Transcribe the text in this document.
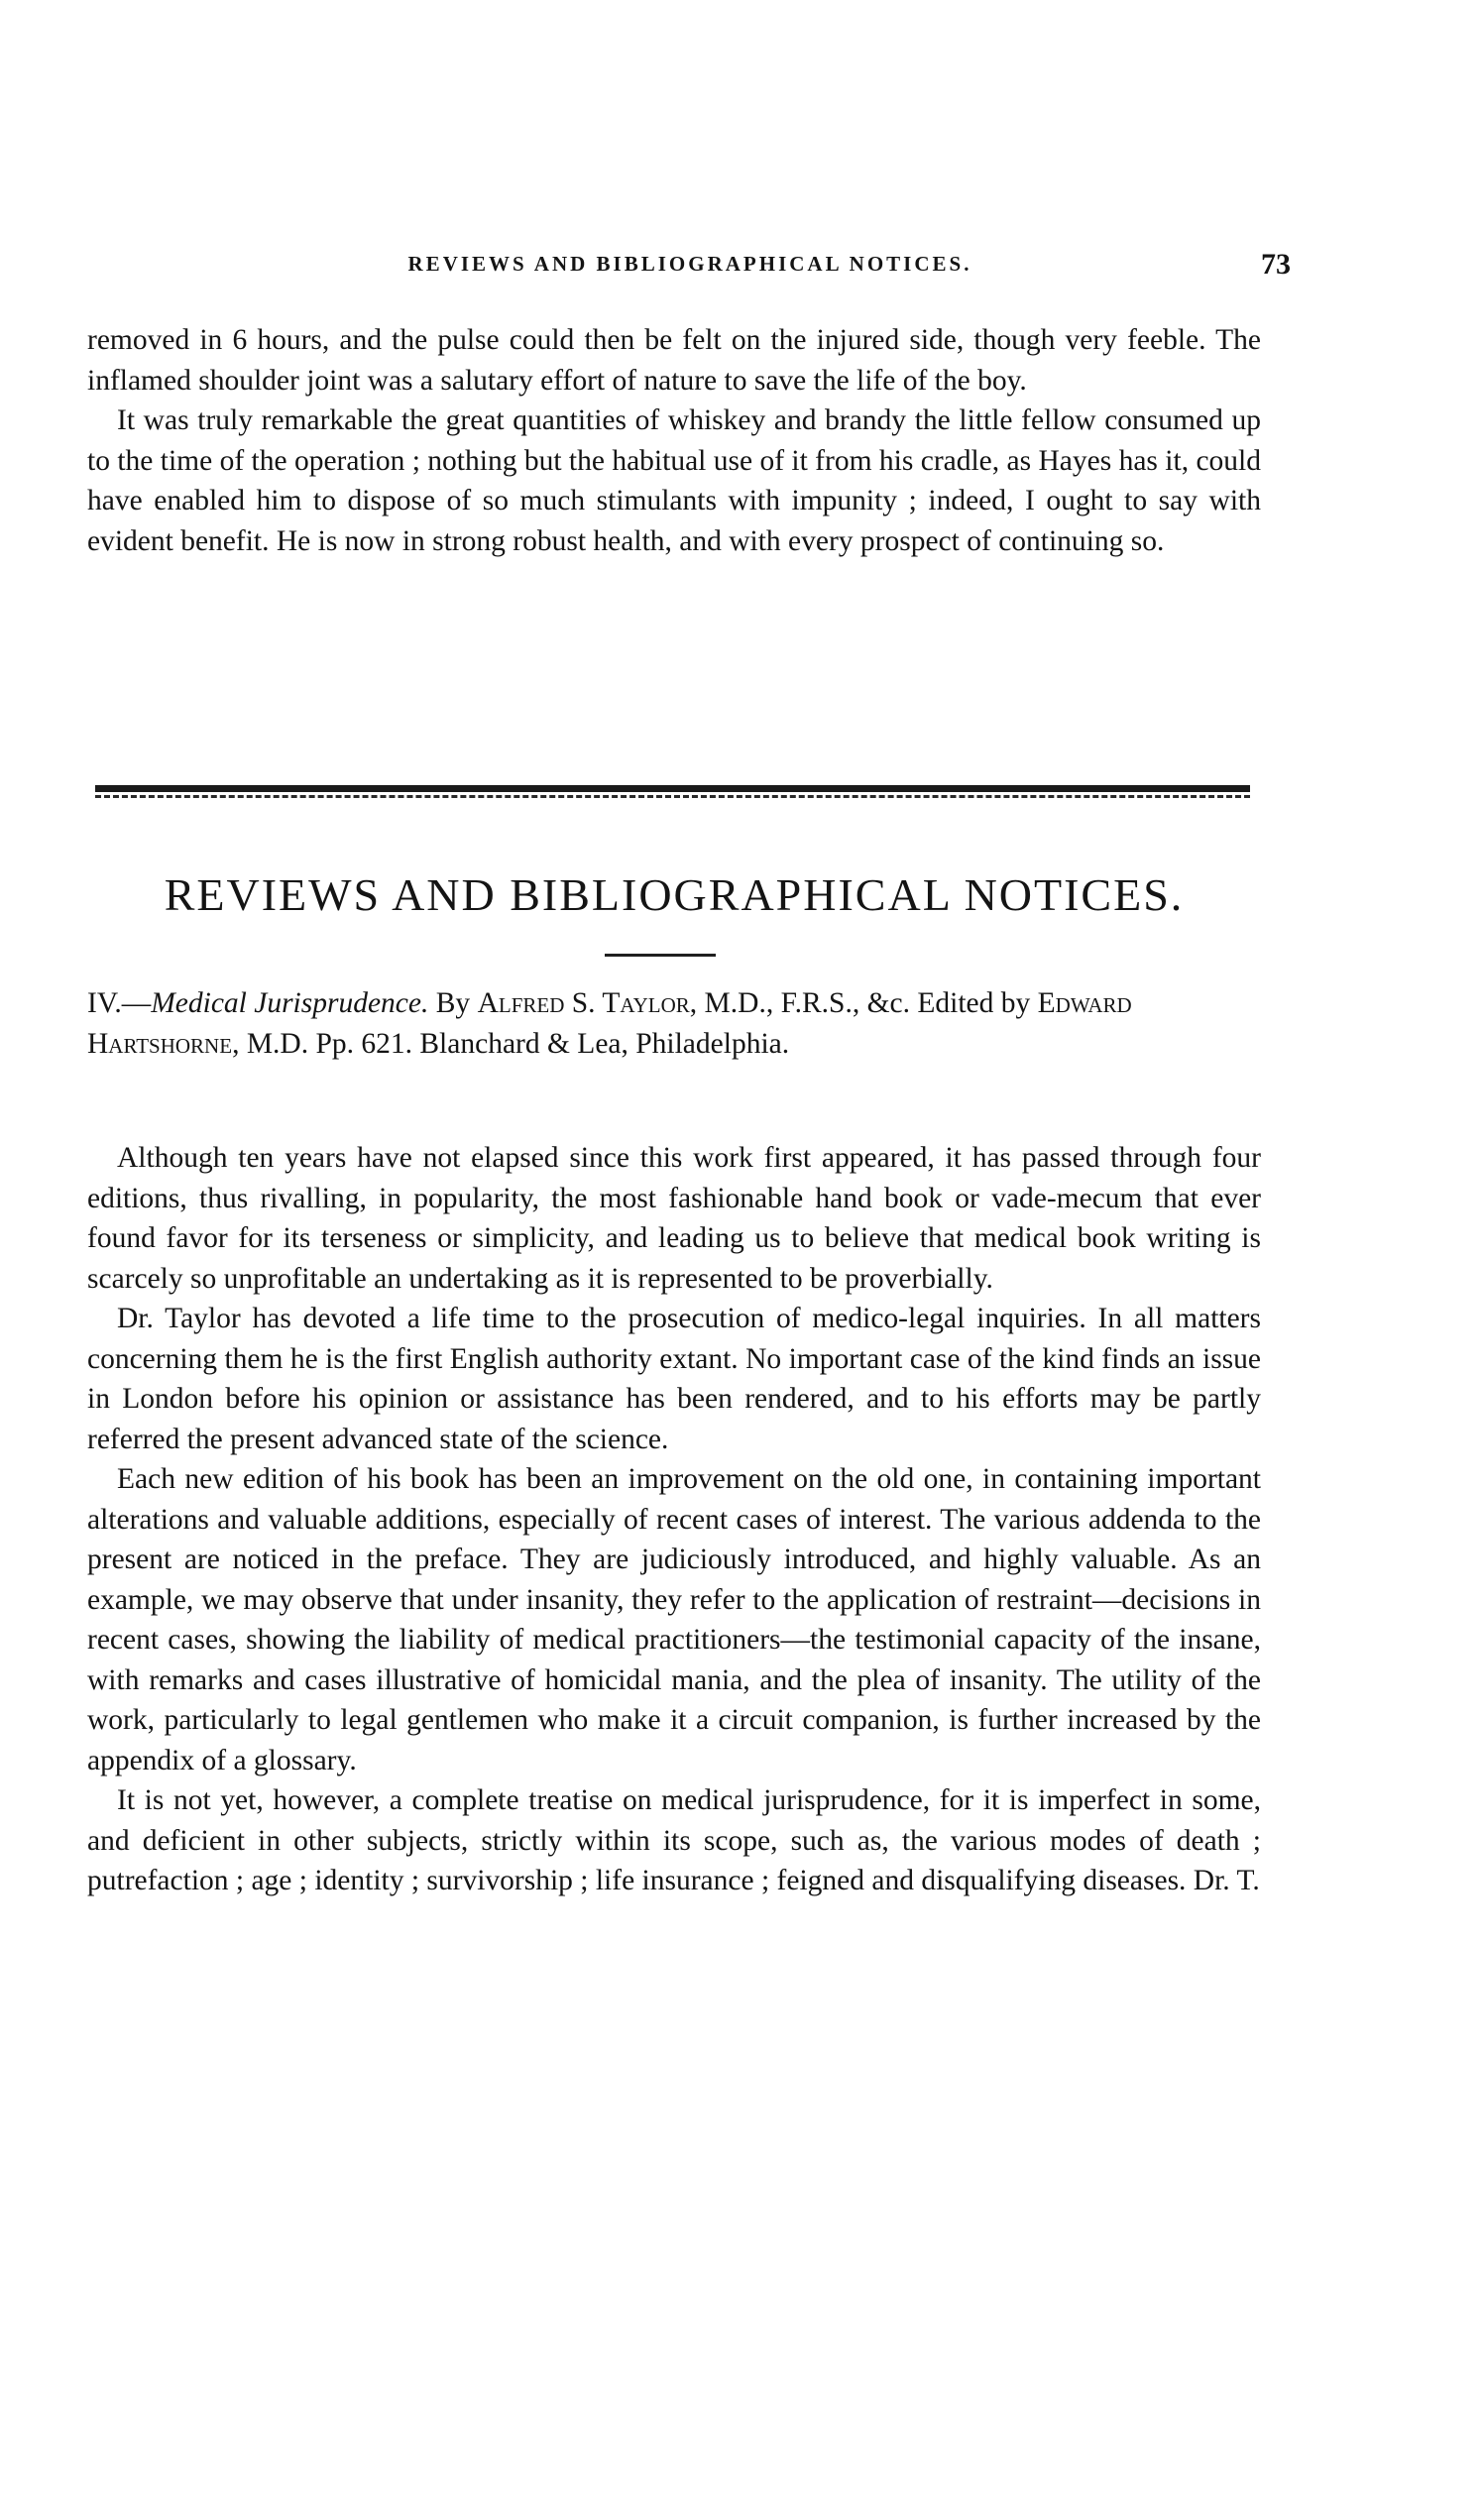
REVIEWS AND BIBLIOGRAPHICAL NOTICES.	73

removed in 6 hours, and the pulse could then be felt on the injured side, though very feeble. The inflamed shoulder joint was a salutary effort of nature to save the life of the boy.

It was truly remarkable the great quantities of whiskey and brandy the little fellow consumed up to the time of the operation ; nothing but the habitual use of it from his cradle, as Hayes has it, could have enabled him to dispose of so much stimulants with impunity ; indeed, I ought to say with evident benefit. He is now in strong robust health, and with every prospect of continuing so.

REVIEWS AND BIBLIOGRAPHICAL NOTICES.
IV.—Medical Jurisprudence. By Alfred S. Taylor, M.D., F.R.S., &c. Edited by Edward Hartshorne, M.D. Pp. 621. Blanchard & Lea, Philadelphia.

Although ten years have not elapsed since this work first appeared, it has passed through four editions, thus rivalling, in popularity, the most fashionable hand book or vade-mecum that ever found favor for its terseness or simplicity, and leading us to believe that medical book writing is scarcely so unprofitable an undertaking as it is represented to be proverbially.

Dr. Taylor has devoted a life time to the prosecution of medico-legal inquiries. In all matters concerning them he is the first English authority extant. No important case of the kind finds an issue in London before his opinion or assistance has been rendered, and to his efforts may be partly referred the present advanced state of the science.

Each new edition of his book has been an improvement on the old one, in containing important alterations and valuable additions, especially of recent cases of interest. The various addenda to the present are noticed in the preface. They are judiciously introduced, and highly valuable. As an example, we may observe that under insanity, they refer to the application of restraint—decisions in recent cases, showing the liability of medical practitioners—the testimonial capacity of the insane, with remarks and cases illustrative of homicidal mania, and the plea of insanity. The utility of the work, particularly to legal gentlemen who make it a circuit companion, is further increased by the appendix of a glossary.

It is not yet, however, a complete treatise on medical jurisprudence, for it is imperfect in some, and deficient in other subjects, strictly within its scope, such as, the various modes of death ; putrefaction ; age ; identity ; survivorship ; life insurance ; feigned and disqualifying diseases. Dr. T.
